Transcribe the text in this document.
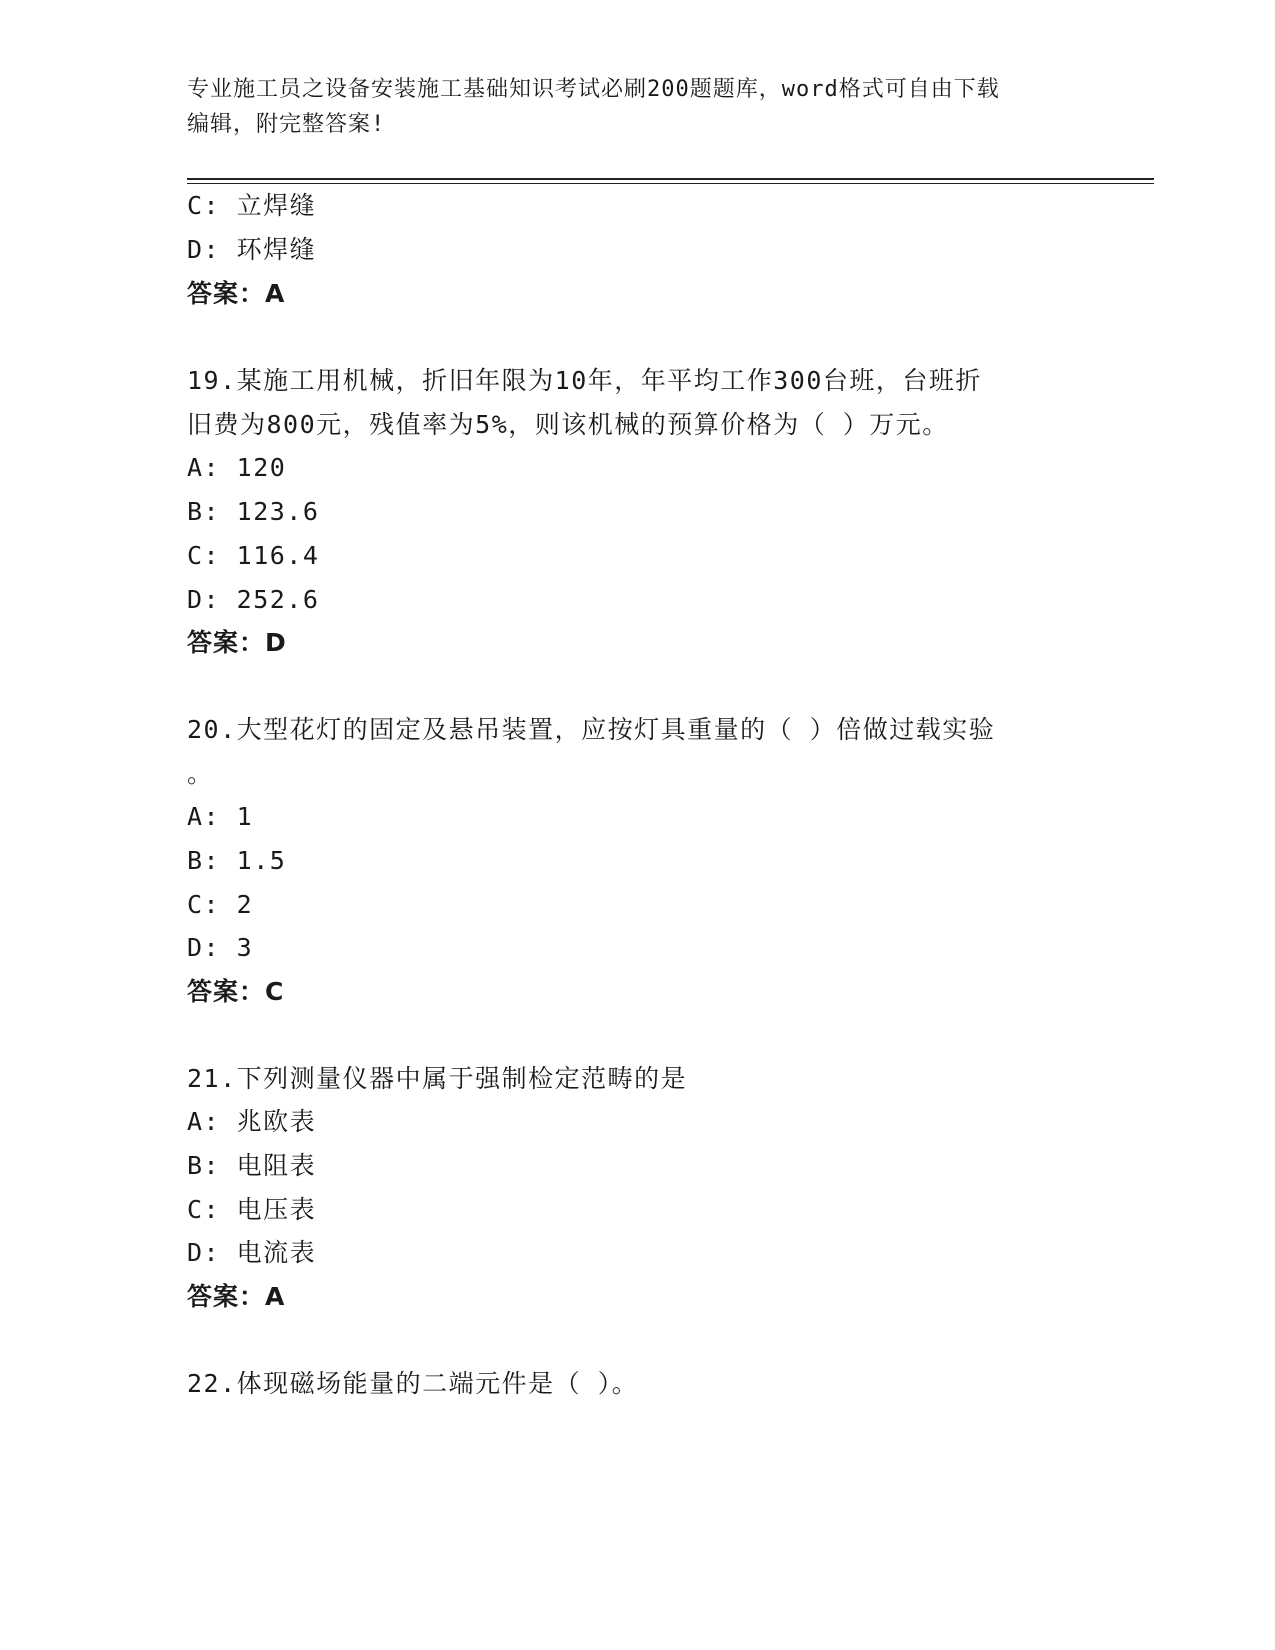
专业施工员之设备安装施工基础知识考试必刷200题题库，word格式可自由下载
编辑，附完整答案!
C: 立焊缝
D: 环焊缝
答案：A
19.某施工用机械，折旧年限为10年，年平均工作300台班，台班折
旧费为800元，残值率为5%，则该机械的预算价格为（ ）万元。
A: 120
B: 123.6
C: 116.4
D: 252.6
答案：D
20.大型花灯的固定及悬吊装置，应按灯具重量的（ ）倍做过载实验
。
A: 1
B: 1.5
C: 2
D: 3
答案：C
21.下列测量仪器中属于强制检定范畴的是
A: 兆欧表
B: 电阻表
C: 电压表
D: 电流表
答案：A
22.体现磁场能量的二端元件是（ ）。
